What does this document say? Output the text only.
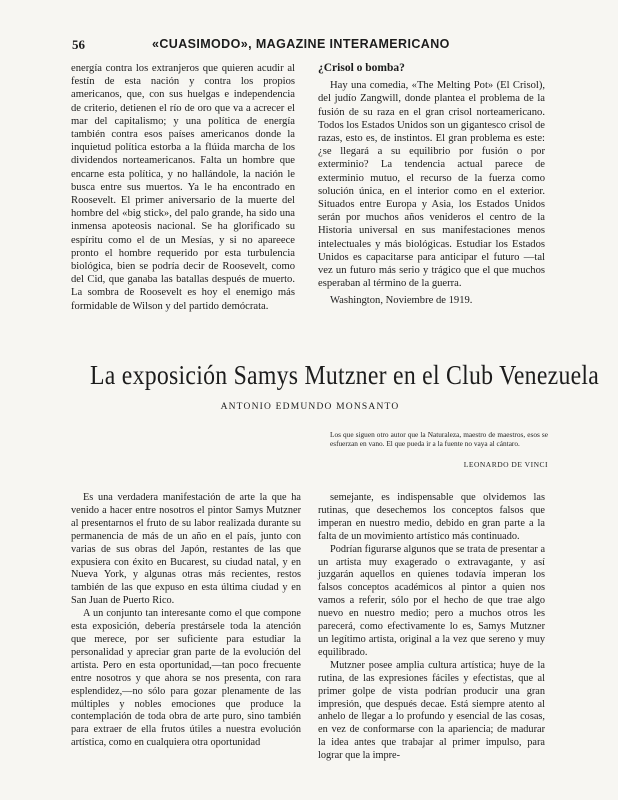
56	«CUASIMODO», MAGAZINE INTERAMERICANO

energía contra los extranjeros que quieren acudir al festín de esta nación y contra los propios americanos, que, con sus huelgas e independencia de criterio, detienen el río de oro que va a acrecer el mar del capitalismo; y una política de energía también contra esos países americanos donde la inquietud política estorba a la flúida marcha de los dividendos norteamericanos. Falta un hombre que encarne esta política, y no hallándole, la nación le busca entre sus muertos. Ya le ha encontrado en Roosevelt. El primer aniversario de la muerte del hombre del «big stick», del palo grande, ha sido una inmensa apoteosis nacional. Se ha glorificado su espíritu como el de un Mesías, y si no apareece pronto el hombre requerido por esta turbulencia biológica, bien se podría decir de Roosevelt, como del Cid, que ganaba las batallas después de muerto. La sombra de Roosevelt es hoy el enemigo más formidable de Wilson y del partido demócrata.

¿Crisol o bomba?

Hay una comedia, «The Melting Pot» (El Crisol), del judío Zangwill, donde plantea el problema de la fusión de su raza en el gran crisol norteamericano. Todos los Estados Unidos son un gigantesco crisol de razas, esto es, de instintos. El gran problema es este: ¿se llegará a su equilibrio por fusión o por exterminio? La tendencia actual parece de exterminio mutuo, el recurso de la fuerza como solución única, en el interior como en el exterior. Situados entre Europa y Asia, los Estados Unidos serán por muchos años venideros el centro de la Historia universal en sus manifestaciones menos intelectuales y más biológicas. Estudiar los Estados Unidos es capacitarse para anticipar el futuro —tal vez un futuro más serio y trágico que el que muchos esperaban al término de la guerra.

Washington, Noviembre de 1919.

La exposición Samys Mutzner en el Club Venezuela
ANTONIO EDMUNDO MONSANTO
Los que siguen otro autor que la Naturaleza, maestro de maestros, esos se esfuerzan en vano. El que pueda ir a la fuente no vaya al cántaro.
LEONARDO DE VINCI

Es una verdadera manifestación de arte la que ha venido a hacer entre nosotros el pintor Samys Mutzner al presentarnos el fruto de su labor realizada durante su permanencia de más de un año en el país, junto con varias de sus obras del Japón, restantes de las que expusiera con éxito en Bucarest, su ciudad natal, y en Nueva York, y algunas otras más recientes, restos también de las que expuso en esta última ciudad y en San Juan de Puerto Rico.

A un conjunto tan interesante como el que compone esta exposición, debería prestársele toda la atención que merece, por ser suficiente para estudiar la personalidad y apreciar gran parte de la evolución del artista. Pero en esta oportunidad,—tan poco frecuente entre nosotros y que ahora se nos presenta, con rara esplendidez,—no sólo para gozar plenamente de las múltiples y nobles emociones que produce la contemplación de toda obra de arte puro, sino también para extraer de ella frutos útiles a nuestra evolución artística, como en cualquiera otra oportunidad

semejante, es indispensable que olvidemos las rutinas, que desechemos los conceptos falsos que imperan en nuestro medio, debido en gran parte a la falta de un movimiento artístico más continuado.

Podrían figurarse algunos que se trata de presentar a un artista muy exagerado o extravagante, y así juzgarán aquellos en quienes todavía imperan los falsos conceptos académicos al pintor a quien nos vamos a referir, sólo por el hecho de que trae algo nuevo en nuestro medio; pero a muchos otros les parecerá, como efectivamente lo es, Samys Mutzner un legítimo artista, original a la vez que sereno y muy equilibrado.

Mutzner posee amplia cultura artística; huye de la rutina, de las expresiones fáciles y efectistas, que al primer golpe de vista podrían producir una gran impresión, que después decae. Está siempre atento al anhelo de llegar a lo profundo y esencial de las cosas, en vez de conformarse con la apariencia; de madurar la idea antes que trabajar al primer impulso, para lograr que la impre-
